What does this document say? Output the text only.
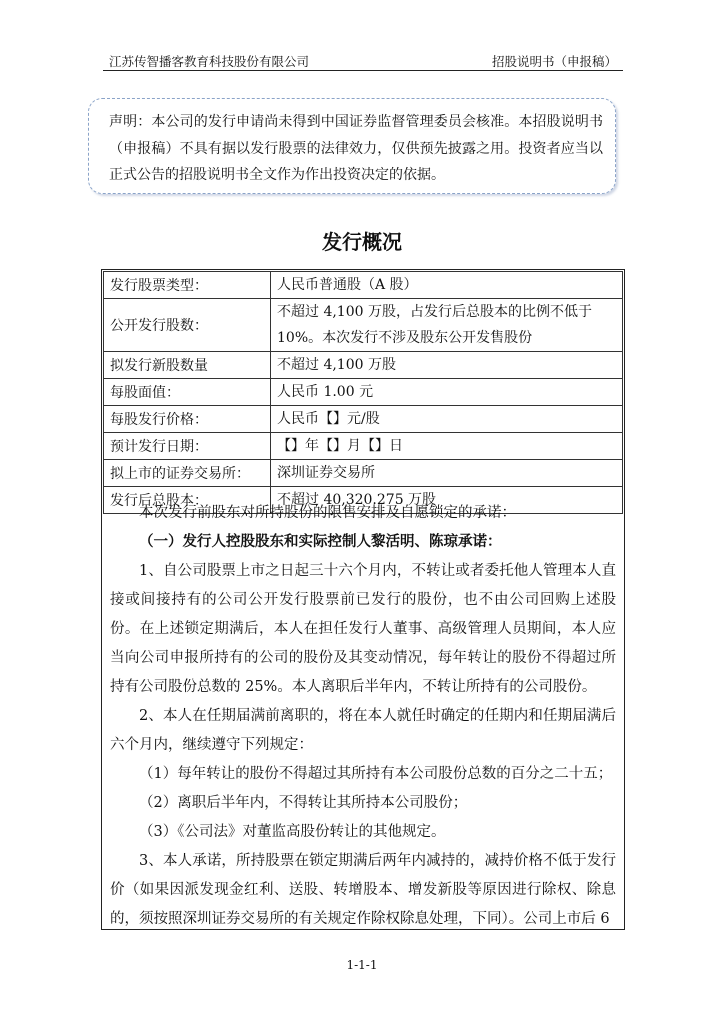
江苏传智播客教育科技股份有限公司	招股说明书（申报稿）
声明：本公司的发行申请尚未得到中国证券监督管理委员会核准。本招股说明书（申报稿）不具有据以发行股票的法律效力，仅供预先披露之用。投资者应当以正式公告的招股说明书全文作为作出投资决定的依据。
发行概况
发行股票类型：	人民币普通股（A 股）
公开发行股数：	不超过 4,100 万股，占发行后总股本的比例不低于 10%。本次发行不涉及股东公开发售股份
拟发行新股数量	不超过 4,100 万股
每股面值：	人民币 1.00 元
每股发行价格：	人民币【】元/股
预计发行日期：	【】年【】月【】日
拟上市的证券交易所：	深圳证券交易所
发行后总股本：	不超过 40,320.275 万股

本次发行前股东对所持股份的限售安排及自愿锁定的承诺：

（一）发行人控股股东和实际控制人黎活明、陈琼承诺：

1、自公司股票上市之日起三十六个月内，不转让或者委托他人管理本人直接或间接持有的公司公开发行股票前已发行的股份，也不由公司回购上述股份。在上述锁定期满后，本人在担任发行人董事、高级管理人员期间，本人应当向公司申报所持有的公司的股份及其变动情况，每年转让的股份不得超过所持有公司股份总数的 25%。本人离职后半年内，不转让所持有的公司股份。

2、本人在任期届满前离职的，将在本人就任时确定的任期内和任期届满后六个月内，继续遵守下列规定：

（1）每年转让的股份不得超过其所持有本公司股份总数的百分之二十五；

（2）离职后半年内，不得转让其所持本公司股份；

（3）《公司法》对董监高股份转让的其他规定。

3、本人承诺，所持股票在锁定期满后两年内减持的，减持价格不低于发行价（如果因派发现金红利、送股、转增股本、增发新股等原因进行除权、除息的，须按照深圳证券交易所的有关规定作除权除息处理，下同）。公司上市后 6

1-1-1
